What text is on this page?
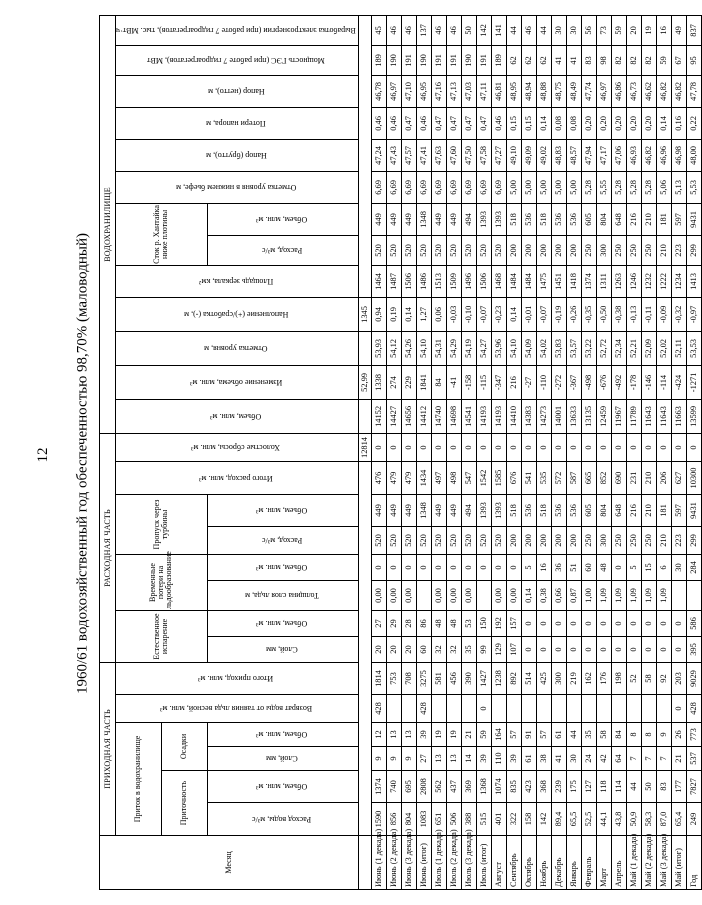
12	1960/61 водохозяйственный год обеспеченностью 98,70% (маловодный)
Месяц	ПРИХОДНАЯ ЧАСТЬ						РАСХОДНАЯ ЧАСТЬ								ВОДОХРАНИЛИЩЕ												
	Приток в водохранилище				Возврат воды от таяния льда весной, млн. м³	Итого приход, млн. м³	Естественное испарение		Временные потери на льдообразование		Пропуск через турбины		Итого расход, млн. м³	Холостые сбросы, млн. м³	Объем, млн. м³	Изменение объема, млн. м³	Отметка уровня, м	Наполнение (+)/сработка (-), м	Площадь зеркала, км²	Сток р. Хантайка ниже плотины		Отметка уровня в нижнем бьефе, м	Напор (брутто), м	Потери напора, м	Напор (нетто), м	Мощность ГЭС (при работе 7 гидроагрегатов), МВт	Выработка электроэнергии (при работе 7 гидроагрегатов), тыс. МВт·ч
	Приточность		Осадки																								
	Расход воды, м³/с	Объем, млн. м³	Слой, мм	Объем, млн. м³			Слой, мм	Объем, млн. м³	Толщина слоя льда, м	Объем, млн. м³	Расход, м³/с	Объем, млн. м³								Расход, м³/с	Объем, млн. м³						
														12814		52,99		1345									
Июнь (1 декада)	1590	1374	9	12	428	1814	20	27	0,00	0	520	449	476	0	14152	1338	53,93	0,94	1464	520	449	6,69	47,24	0,46	46,78	189	45
Июнь (2 декада)	856	740	9	13		753	20	29	0,00	0	520	449	479	0	14427	274	54,12	0,19	1487	520	449	6,69	47,43	0,46	46,97	190	46
Июнь (3 декада)	804	695	9	13		708	20	28	0,00	0	520	449	479	0	14656	229	54,26	0,14	1506	520	449	6,69	47,57	0,47	47,10	191	46
Июнь (итог)	1083	2808	27	39	428	3275	60	86		0	520	1348	1434	0	14412	1841	54,10	1,27	1486	520	1348	6,69	47,41	0,46	46,95	190	137
Июль (1 декада)	651	562	13	19		581	32	48	0,00	0	520	449	497	0	14740	84	54,31	0,06	1513	520	449	6,69	47,63	0,47	47,16	191	46
Июль (2 декада)	506	437	13	19		456	32	48	0,00	0	520	449	498	0	14698	-41	54,29	-0,03	1509	520	449	6,69	47,60	0,47	47,13	191	46
Июль (3 декада)	388	369	14	21		390	35	53	0,00	0	520	494	547	0	14541	-158	54,19	-0,10	1496	520	494	6,69	47,50	0,47	47,03	190	50
Июль (итог)	515	1368	39	59	0	1427	99	150		0	520	1393	1542	0	14193	-115	54,27	-0,07	1506	520	1393	6,69	47,58	0,47	47,11	191	142
Август	401	1074	110	164		1238	129	192	0,00	0	520	1393	1585	0	14193	-347	53,96	-0,23	1468	520	1393	6,69	47,27	0,46	46,81	189	141
Сентябрь	322	835	39	57		892	107	157	0,00	0	200	518	676	0	14410	216	54,10	0,14	1484	200	518	5,00	49,10	0,15	48,95	62	44
Октябрь	158	423	61	91		514	0	0	0,14	5	200	536	541	0	14383	-27	54,09	-0,01	1484	200	536	5,00	49,09	0,15	48,94	62	46
Ноябрь	142	368	38	57		425	0	0	0,38	16	200	518	535	0	14273	-110	54,02	-0,07	1475	200	518	5,00	49,02	0,14	48,88	62	44
Декабрь	89,4	239	41	61		300	0	0	0,66	36	200	536	572	0	14001	-272	53,83	-0,19	1451	200	536	5,00	48,83	0,08	48,75	41	30
Январь	65,5	175	30	44		219	0	0	0,87	51	200	536	587	0	13633	-367	53,57	-0,26	1418	200	536	5,00	48,57	0,08	48,49	41	30
Февраль	52,5	127	24	35		162	0	0	1,00	60	250	605	665	0	13135	-498	53,22	-0,35	1374	250	605	5,28	47,94	0,20	47,74	83	56
Март	44,1	118	42	58		176	0	0	1,09	48	300	804	852	0	12459	-676	52,72	-0,50	1311	300	804	5,55	47,17	0,20	46,97	98	73
Апрель	43,8	114	64	84		198	0	0	1,09	0	250	648	690	0	11967	-492	52,34	-0,38	1263	250	648	5,28	47,06	0,20	46,86	82	59
Май (1 декада)	50,9	44	7	8		52	0	0	1,09	5	250	216	231	0	11789	-178	52,21	-0,13	1246	250	216	5,28	46,93	0,20	46,73	82	20
Май (2 декада)	58,3	50	7	8		58	0	0	1,09	15	250	210	210	0	11643	-146	52,09	-0,11	1232	250	210	5,28	46,82	0,20	46,62	82	19
Май (3 декада)	87,0	83	7	9		92	0	0	1,09	6	210	181	206	0	11643	-114	52,02	-0,09	1222	210	181	5,06	46,96	0,14	46,82	59	16
Май (итог)	65,4	177	21	26	0	203	0	0		30	223	597	627	0	11663	-424	52,11	-0,32	1234	223	597	5,13	46,98	0,16	46,82	67	49
Год	249	7827	537	773	428	9029	395	586		284	299	9431	10300	0	13599	-1271	53,53	-0,97	1413	299	9431	5,53	48,00	0,22	47,78	95	837
